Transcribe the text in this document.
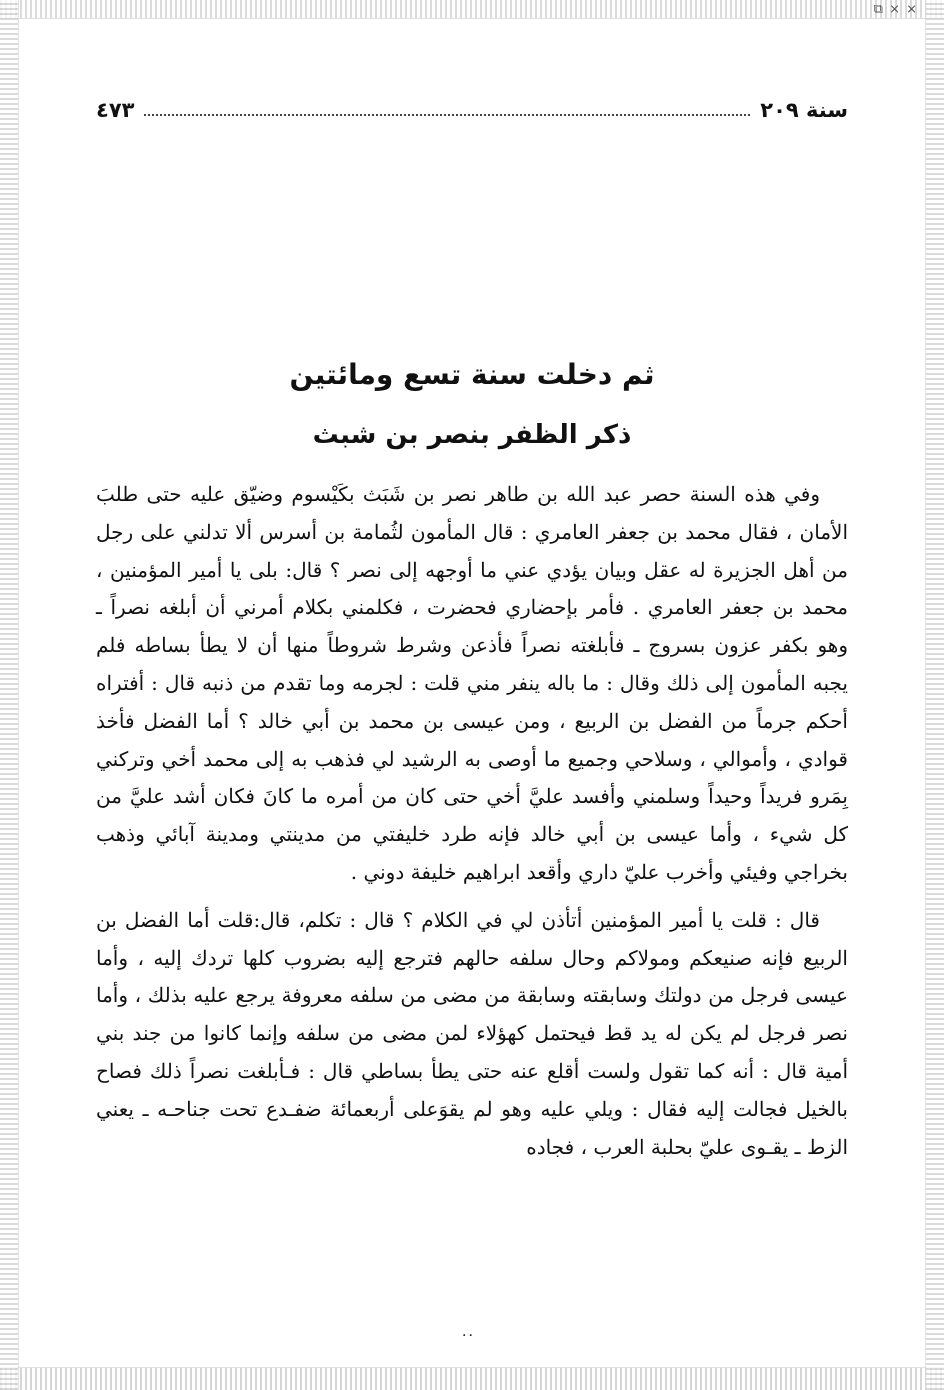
⧉ ⨯ ⨯
سنة ٢٠٩
٤٧٣
ثم دخلت سنة تسع ومائتين
ذكر الظفر بنصر بن شبث

وفي هذه السنة حصر عبد الله بن طاهر نصر بن شَبَث بكَيْسوم وضيّق عليه حتى طلبَ الأمان ، فقال محمد بن جعفر العامري : قال المأمون لثُمامة بن أسرس ألا تدلني على رجل من أهل الجزيرة له عقل وبيان يؤدي عني ما أوجهه إلى نصر ؟ قال: بلى يا أمير المؤمنين ، محمد بن جعفر العامري . فأمر بإحضاري فحضرت ، فكلمني بكلام أمرني أن أبلغه نصراً ـ وهو بكفر عزون بسروج ـ فأبلغته نصراً فأذعن وشرط شروطاً منها أن لا يطأ بساطه فلم يجبه المأمون إلى ذلك وقال : ما باله ينفر مني قلت : لجرمه وما تقدم من ذنبه قال : أفتراه أحكم جرماً من الفضل بن الربيع ، ومن عيسى بن محمد بن أبي خالد ؟ أما الفضل فأخذ قوادي ، وأموالي ، وسلاحي وجميع ما أوصى به الرشيد لي فذهب به إلى محمد أخي وتركني بِمَرو فريداً وحيداً وسلمني وأفسد عليَّ أخي حتى كان من أمره ما كانَ فكان أشد عليَّ من كل شيء ، وأما عيسى بن أبي خالد فإنه طرد خليفتي من مدينتي ومدينة آبائي وذهب بخراجي وفيئي وأخرب عليّ داري وأقعد ابراهيم خليفة دوني .

قال : قلت يا أمير المؤمنين أتأذن لي في الكلام ؟ قال : تكلم، قال:قلت أما الفضل بن الربيع فإنه صنيعكم ومولاكم وحال سلفه حالهم فترجع إليه بضروب كلها تردك إليه ، وأما عيسى فرجل من دولتك وسابقته وسابقة من مضى من سلفه معروفة يرجع عليه بذلك ، وأما نصر فرجل لم يكن له يد قط فيحتمل كهؤلاء لمن مضى من سلفه وإنما كانوا من جند بني أمية قال : أنه كما تقول ولست أقلع عنه حتى يطأ بساطي قال : فـأبلغت نصراً ذلك فصاح بالخيل فجالت إليه فقال : ويلي عليه وهو لم يقوَعلى أربعمائة ضفـدع تحت جناحـه ـ يعني الزط ـ يقـوى عليّ بحلبة العرب ، فجاده

··
